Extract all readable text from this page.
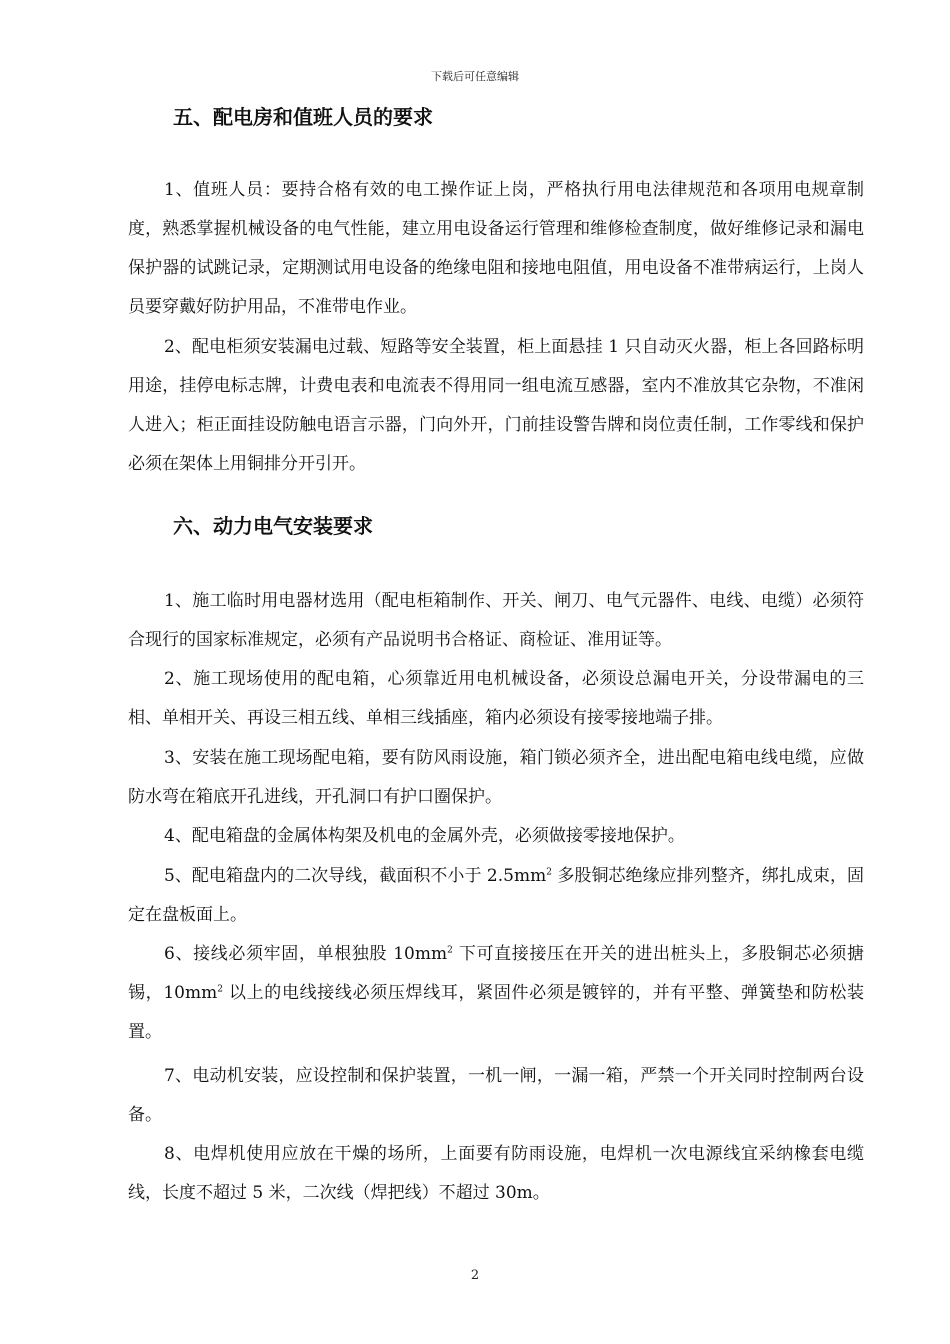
下载后可任意编辑
五、配电房和值班人员的要求

1、值班人员：要持合格有效的电工操作证上岗，严格执行用电法律规范和各项用电规章制度，熟悉掌握机械设备的电气性能，建立用电设备运行管理和维修检查制度，做好维修记录和漏电保护器的试跳记录，定期测试用电设备的绝缘电阻和接地电阻值，用电设备不准带病运行，上岗人员要穿戴好防护用品，不准带电作业。

2、配电柜须安装漏电过载、短路等安全装置，柜上面悬挂 1 只自动灭火器，柜上各回路标明用途，挂停电标志牌，计费电表和电流表不得用同一组电流互感器，室内不准放其它杂物，不准闲人进入；柜正面挂设防触电语言示器，门向外开，门前挂设警告牌和岗位责任制，工作零线和保护必须在架体上用铜排分开引开。

六、动力电气安装要求

1、施工临时用电器材选用（配电柜箱制作、开关、闸刀、电气元器件、电线、电缆）必须符合现行的国家标准规定，必须有产品说明书合格证、商检证、准用证等。

2、施工现场使用的配电箱，心须靠近用电机械设备，必须设总漏电开关，分设带漏电的三相、单相开关、再设三相五线、单相三线插座，箱内必须设有接零接地端子排。

3、安装在施工现场配电箱，要有防风雨设施，箱门锁必须齐全，进出配电箱电线电缆，应做防水弯在箱底开孔进线，开孔洞口有护口圈保护。

4、配电箱盘的金属体构架及机电的金属外壳，必须做接零接地保护。

5、配电箱盘内的二次导线，截面积不小于 $2.5mm^2$ 多股铜芯绝缘应排列整齐，绑扎成束，固定在盘板面上。

6、接线必须牢固，单根独股 $10mm^2$ 下可直接接压在开关的进出桩头上，多股铜芯必须搪锡，$10mm^2$ 以上的电线接线必须压焊线耳，紧固件必须是镀锌的，并有平整、弹簧垫和防松装置。

7、电动机安装，应设控制和保护装置，一机一闸，一漏一箱，严禁一个开关同时控制两台设备。

8、电焊机使用应放在干燥的场所，上面要有防雨设施，电焊机一次电源线宜采纳橡套电缆线，长度不超过 5 米，二次线（焊把线）不超过 30m。

2
